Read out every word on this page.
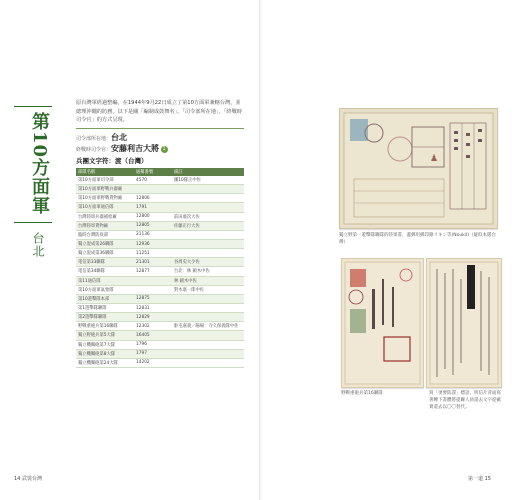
第10方面軍
台北
原台灣軍經過整編，在1944年9月22日成立了第10方面軍兼轄台灣，並總理沖繩的防務，以下是關「編制成鼓舞名」、「司令部所在地」、「終戰時司令官」的方式呈現。
司令部所在地：台北
終戰時司令官：安藤利吉大將 1
兵團文字符：渡（台灣）
部隊名稱	通稱番號	備註
第10方面軍司令部	4570	團10隊正中佐
第10方面軍野戰兵器廠		
第10方面軍野戰貨物廠	12806	
第10方面軍通信隊	1791	
台灣陸軍兵器補給廠	12800	前田康次大佐
台灣陸軍貨物廠	12805	佐藤正行大佐
臨時台灣防疫部	21136	
獨立混成第26聯隊	12936	
獨立混成第36聯隊	11251	
電信第33聯隊	21301	谷周史大少佐
電信第34聯隊	12877	台北：林 穎木中佐
第11通信隊		林 穎木中佐
第10方面軍氣象隊		對木康一郎中佐
第10遊擊隊本部	12875	
第1遊擊隊聯隊	12831	
第2遊擊隊聯隊	12829	
野戰重砲兵第16聯隊	12302	駐屯嘉義／陽場：寺久保義隊中佐
獨立野砲兵第5大隊	16405	
獨立機關砲第7大隊	1796	
獨立機關砲第8大隊	1797	
獨立機關砲第24大隊	14202	
14 武裝台灣
♟
獨立野第一遊擊隊聯隊的陸軍書，蓋郵用郵印錄リキシ等(Noukil)（疑似本隊台灣）
野戰重砲兵第16聯隊	寫「須要防諜」標語，明信片背面寫著轉下書體將提聯人員還去文字從確實還去以〇〇替代。
第一道 15
